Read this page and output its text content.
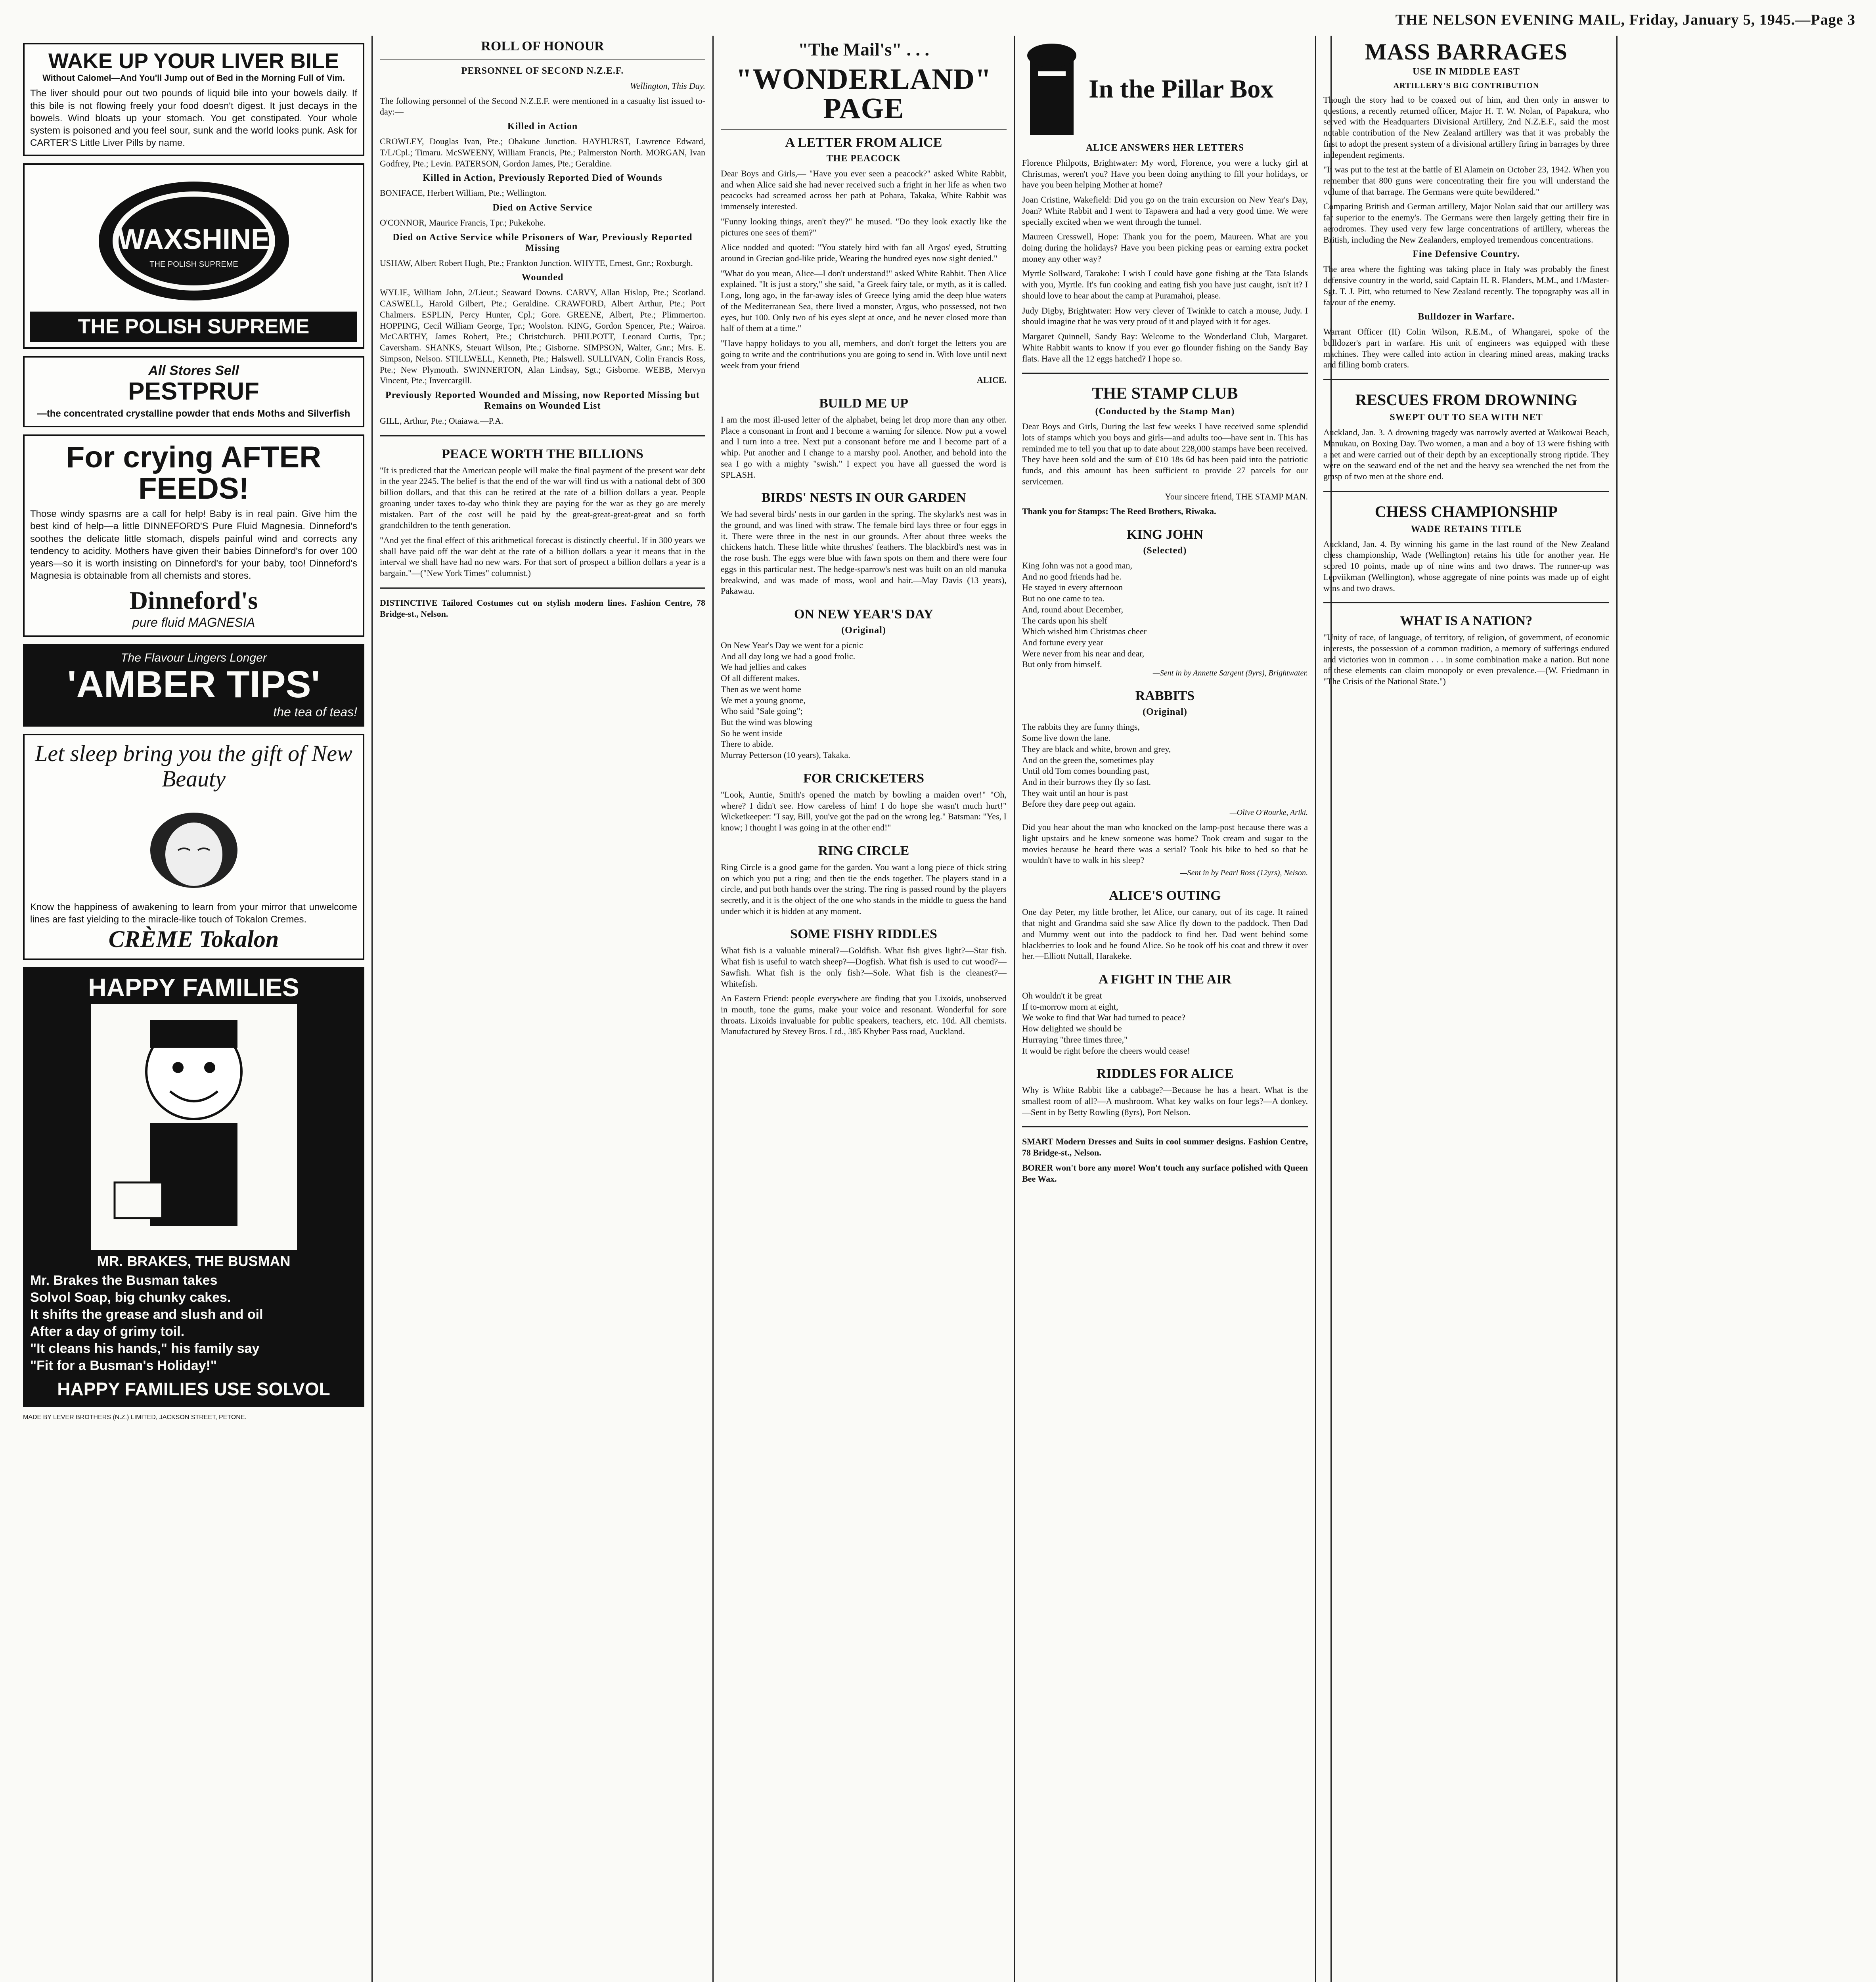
THE NELSON EVENING MAIL, Friday, January 5, 1945.—Page 3
WAKE UP YOUR LIVER BILE

Without Calomel—And You'll Jump out of Bed in the Morning Full of Vim.

The liver should pour out two pounds of liquid bile into your bowels daily. If this bile is not flowing freely your food doesn't digest. It just decays in the bowels. Wind bloats up your stomach. You get constipated. Your whole system is poisoned and you feel sour, sunk and the world looks punk. Ask for CARTER'S Little Liver Pills by name.
WAXSHINE
THE POLISH SUPREME
THE POLISH SUPREME
All Stores Sell
PESTPRUF
—the concentrated crystalline powder that ends Moths and Silverfish
For crying AFTER FEEDS!
Those windy spasms are a call for help! Baby is in real pain. Give him the best kind of help—a little DINNEFORD'S Pure Fluid Magnesia. Dinneford's soothes the delicate little stomach, dispels painful wind and corrects any tendency to acidity. Mothers have given their babies Dinneford's for over 100 years—so it is worth insisting on Dinneford's for your baby, too! Dinneford's Magnesia is obtainable from all chemists and stores.
Dinneford's
pure fluid MAGNESIA
The Flavour Lingers Longer
'AMBER TIPS'
the tea of teas!
Let sleep bring you the gift of New Beauty
Know the happiness of awakening to learn from your mirror that unwelcome lines are fast yielding to the miracle-like touch of Tokalon Cremes.
CRÈME Tokalon
HAPPY FAMILIES
MR. BRAKES, THE BUSMAN
Mr. Brakes the Busman takes
Solvol Soap, big chunky cakes.
It shifts the grease and slush and oil
After a day of grimy toil.
"It cleans his hands," his family say
"Fit for a Busman's Holiday!"
HAPPY FAMILIES USE SOLVOL
MADE BY LEVER BROTHERS (N.Z.) LIMITED, JACKSON STREET, PETONE.
ROLL OF HONOUR
PERSONNEL OF SECOND N.Z.E.F.

Wellington, This Day.

The following personnel of the Second N.Z.E.F. were mentioned in a casualty list issued to-day:—

Killed in Action

CROWLEY, Douglas Ivan, Pte.; Ohakune Junction. HAYHURST, Lawrence Edward, T/L/Cpl.; Timaru. McSWEENY, William Francis, Pte.; Palmerston North. MORGAN, Ivan Godfrey, Pte.; Levin. PATERSON, Gordon James, Pte.; Geraldine.

Killed in Action, Previously Reported Died of Wounds

BONIFACE, Herbert William, Pte.; Wellington.

Died on Active Service

O'CONNOR, Maurice Francis, Tpr.; Pukekohe.

Died on Active Service while Prisoners of War, Previously Reported Missing

USHAW, Albert Robert Hugh, Pte.; Frankton Junction. WHYTE, Ernest, Gnr.; Roxburgh.

Wounded

WYLIE, William John, 2/Lieut.; Seaward Downs. CARVY, Allan Hislop, Pte.; Scotland. CASWELL, Harold Gilbert, Pte.; Geraldine. CRAWFORD, Albert Arthur, Pte.; Port Chalmers. ESPLIN, Percy Hunter, Cpl.; Gore. GREENE, Albert, Pte.; Plimmerton. HOPPING, Cecil William George, Tpr.; Woolston. KING, Gordon Spencer, Pte.; Wairoa. McCARTHY, James Robert, Pte.; Christchurch. PHILPOTT, Leonard Curtis, Tpr.; Caversham. SHANKS, Steuart Wilson, Pte.; Gisborne. SIMPSON, Walter, Gnr.; Mrs. E. Simpson, Nelson. STILLWELL, Kenneth, Pte.; Halswell. SULLIVAN, Colin Francis Ross, Pte.; New Plymouth. SWINNERTON, Alan Lindsay, Sgt.; Gisborne. WEBB, Mervyn Vincent, Pte.; Invercargill.

Previously Reported Wounded and Missing, now Reported Missing but Remains on Wounded List

GILL, Arthur, Pte.; Otaiawa.—P.A.

PEACE WORTH THE BILLIONS

"It is predicted that the American people will make the final payment of the present war debt in the year 2245. The belief is that the end of the war will find us with a national debt of 300 billion dollars, and that this can be retired at the rate of a billion dollars a year. People groaning under taxes to-day who think they are paying for the war as they go are merely mistaken. Part of the cost will be paid by the great-great-great-great and so forth grandchildren to the tenth generation.

"And yet the final effect of this arithmetical forecast is distinctly cheerful. If in 300 years we shall have paid off the war debt at the rate of a billion dollars a year it means that in the interval we shall have had no new wars. For that sort of prospect a billion dollars a year is a bargain."—("New York Times" columnist.)

DISTINCTIVE Tailored Costumes cut on stylish modern lines. Fashion Centre, 78 Bridge-st., Nelson.

"The Mail's" . . .
"WONDERLAND" PAGE
A LETTER FROM ALICE
THE PEACOCK

Dear Boys and Girls,— "Have you ever seen a peacock?" asked White Rabbit, and when Alice said she had never received such a fright in her life as when two peacocks had screamed across her path at Pohara, Takaka, White Rabbit was immensely interested.

"Funny looking things, aren't they?" he mused. "Do they look exactly like the pictures one sees of them?"

Alice nodded and quoted: "You stately bird with fan all Argos' eyed, Strutting around in Grecian god-like pride, Wearing the hundred eyes now sight denied."

"What do you mean, Alice—I don't understand!" asked White Rabbit. Then Alice explained. "It is just a story," she said, "a Greek fairy tale, or myth, as it is called. Long, long ago, in the far-away isles of Greece lying amid the deep blue waters of the Mediterranean Sea, there lived a monster, Argus, who possessed, not two eyes, but 100. Only two of his eyes slept at once, and he never closed more than half of them at a time."

"Have happy holidays to you all, members, and don't forget the letters you are going to write and the contributions you are going to send in. With love until next week from your friend

ALICE.

BUILD ME UP

I am the most ill-used letter of the alphabet, being let drop more than any other. Place a consonant in front and I become a warning for silence. Now put a vowel and I turn into a tree. Next put a consonant before me and I become part of a whip. Put another and I change to a marshy pool. Another, and behold into the sea I go with a mighty "swish." I expect you have all guessed the word is SPLASH.

BIRDS' NESTS IN OUR GARDEN

We had several birds' nests in our garden in the spring. The skylark's nest was in the ground, and was lined with straw. The female bird lays three or four eggs in it. There were three in the nest in our grounds. After about three weeks the chickens hatch. These little white thrushes' feathers. The blackbird's nest was in the rose bush. The eggs were blue with fawn spots on them and there were four eggs in this particular nest. The hedge-sparrow's nest was built on an old manuka breakwind, and was made of moss, wool and hair.—May Davis (13 years), Pakawau.

ON NEW YEAR'S DAY
(Original)

On New Year's Day we went for a picnic

And all day long we had a good frolic.

We had jellies and cakes

Of all different makes.

Then as we went home

We met a young gnome,

Who said "Sale going";

But the wind was blowing

So he went inside

There to abide.

Murray Petterson (10 years), Takaka.

FOR CRICKETERS

"Look, Auntie, Smith's opened the match by bowling a maiden over!" "Oh, where? I didn't see. How careless of him! I do hope she wasn't much hurt!" Wicketkeeper: "I say, Bill, you've got the pad on the wrong leg." Batsman: "Yes, I know; I thought I was going in at the other end!"

RING CIRCLE

Ring Circle is a good game for the garden. You want a long piece of thick string on which you put a ring; and then tie the ends together. The players stand in a circle, and put both hands over the string. The ring is passed round by the players secretly, and it is the object of the one who stands in the middle to guess the hand under which it is hidden at any moment.

SOME FISHY RIDDLES

What fish is a valuable mineral?—Goldfish. What fish gives light?—Star fish. What fish is useful to watch sheep?—Dogfish. What fish is used to cut wood?—Sawfish. What fish is the only fish?—Sole. What fish is the cleanest?—Whitefish.

An Eastern Friend: people everywhere are finding that you Lixoids, unobserved in mouth, tone the gums, make your voice and resonant. Wonderful for sore throats. Lixoids invaluable for public speakers, teachers, etc. 10d. All chemists. Manufactured by Stevey Bros. Ltd., 385 Khyber Pass road, Auckland.

In the Pillar Box
ALICE ANSWERS HER LETTERS

Florence Philpotts, Brightwater: My word, Florence, you were a lucky girl at Christmas, weren't you? Have you been doing anything to fill your holidays, or have you been helping Mother at home?

Joan Cristine, Wakefield: Did you go on the train excursion on New Year's Day, Joan? White Rabbit and I went to Tapawera and had a very good time. We were specially excited when we went through the tunnel.

Maureen Cresswell, Hope: Thank you for the poem, Maureen. What are you doing during the holidays? Have you been picking peas or earning extra pocket money any other way?

Myrtle Sollward, Tarakohe: I wish I could have gone fishing at the Tata Islands with you, Myrtle. It's fun cooking and eating fish you have just caught, isn't it? I should love to hear about the camp at Puramahoi, please.

Judy Digby, Brightwater: How very clever of Twinkle to catch a mouse, Judy. I should imagine that he was very proud of it and played with it for ages.

Margaret Quinnell, Sandy Bay: Welcome to the Wonderland Club, Margaret. White Rabbit wants to know if you ever go flounder fishing on the Sandy Bay flats. Have all the 12 eggs hatched? I hope so.

THE STAMP CLUB
(Conducted by the Stamp Man)

Dear Boys and Girls, During the last few weeks I have received some splendid lots of stamps which you boys and girls—and adults too—have sent in. This has reminded me to tell you that up to date about 228,000 stamps have been received. They have been sold and the sum of £10 18s 6d has been paid into the patriotic funds, and this amount has been sufficient to provide 27 parcels for our servicemen.

Your sincere friend, THE STAMP MAN.

Thank you for Stamps: The Reed Brothers, Riwaka.

KING JOHN
(Selected)

King John was not a good man,

And no good friends had he.

He stayed in every afternoon

But no one came to tea.

And, round about December,

The cards upon his shelf

Which wished him Christmas cheer

And fortune every year

Were never from his near and dear,

But only from himself.

—Sent in by Annette Sargent (9yrs), Brightwater.

RABBITS
(Original)

The rabbits they are funny things,

Some live down the lane.

They are black and white, brown and grey,

And on the green the, sometimes play

Until old Tom comes bounding past,

And in their burrows they fly so fast.

They wait until an hour is past

Before they dare peep out again.

—Olive O'Rourke, Ariki.

Did you hear about the man who knocked on the lamp-post because there was a light upstairs and he knew someone was home? Took cream and sugar to the movies because he heard there was a serial? Took his bike to bed so that he wouldn't have to walk in his sleep?

—Sent in by Pearl Ross (12yrs), Nelson.

ALICE'S OUTING

One day Peter, my little brother, let Alice, our canary, out of its cage. It rained that night and Grandma said she saw Alice fly down to the paddock. Then Dad and Mummy went out into the paddock to find her. Dad went behind some blackberries to look and he found Alice. So he took off his coat and threw it over her.—Elliott Nuttall, Harakeke.

A FIGHT IN THE AIR

Oh wouldn't it be great

If to-morrow morn at eight,

We woke to find that War had turned to peace?

How delighted we should be

Hurraying "three times three,"

It would be right before the cheers would cease!

RIDDLES FOR ALICE

Why is White Rabbit like a cabbage?—Because he has a heart. What is the smallest room of all?—A mushroom. What key walks on four legs?—A donkey.—Sent in by Betty Rowling (8yrs), Port Nelson.

SMART Modern Dresses and Suits in cool summer designs. Fashion Centre, 78 Bridge-st., Nelson.

BORER won't bore any more! Won't touch any surface polished with Queen Bee Wax.

MASS BARRAGES
USE IN MIDDLE EAST
ARTILLERY'S BIG CONTRIBUTION

Though the story had to be coaxed out of him, and then only in answer to questions, a recently returned officer, Major H. T. W. Nolan, of Papakura, who served with the Headquarters Divisional Artillery, 2nd N.Z.E.F., said the most notable contribution of the New Zealand artillery was that it was probably the first to adopt the present system of a divisional artillery firing in barrages by three independent regiments.

"It was put to the test at the battle of El Alamein on October 23, 1942. When you remember that 800 guns were concentrating their fire you will understand the volume of that barrage. The Germans were quite bewildered."

Comparing British and German artillery, Major Nolan said that our artillery was far superior to the enemy's. The Germans were then largely getting their fire in aerodromes. They used very few large concentrations of artillery, whereas the British, including the New Zealanders, employed tremendous concentrations.

Fine Defensive Country.

The area where the fighting was taking place in Italy was probably the finest defensive country in the world, said Captain H. R. Flanders, M.M., and 1/Master-Sgt. T. J. Pitt, who returned to New Zealand recently. The topography was all in favour of the enemy.

Bulldozer in Warfare.

Warrant Officer (II) Colin Wilson, R.E.M., of Whangarei, spoke of the bulldozer's part in warfare. His unit of engineers was equipped with these machines. They were called into action in clearing mined areas, making tracks and filling bomb craters.

RESCUES FROM DROWNING
SWEPT OUT TO SEA WITH NET

Auckland, Jan. 3. A drowning tragedy was narrowly averted at Waikowai Beach, Manukau, on Boxing Day. Two women, a man and a boy of 13 were fishing with a net and were carried out of their depth by an exceptionally strong riptide. They were on the seaward end of the net and the heavy sea wrenched the net from the grasp of two men at the shore end.

CHESS CHAMPIONSHIP
WADE RETAINS TITLE

Auckland, Jan. 4. By winning his game in the last round of the New Zealand chess championship, Wade (Wellington) retains his title for another year. He scored 10 points, made up of nine wins and two draws. The runner-up was Lepviikman (Wellington), whose aggregate of nine points was made up of eight wins and two draws.

WHAT IS A NATION?

"Unity of race, of language, of territory, of religion, of government, of economic interests, the possession of a common tradition, a memory of sufferings endured and victories won in common . . . in some combination make a nation. But none of these elements can claim monopoly or even prevalence.—(W. Friedmann in "The Crisis of the National State.")
